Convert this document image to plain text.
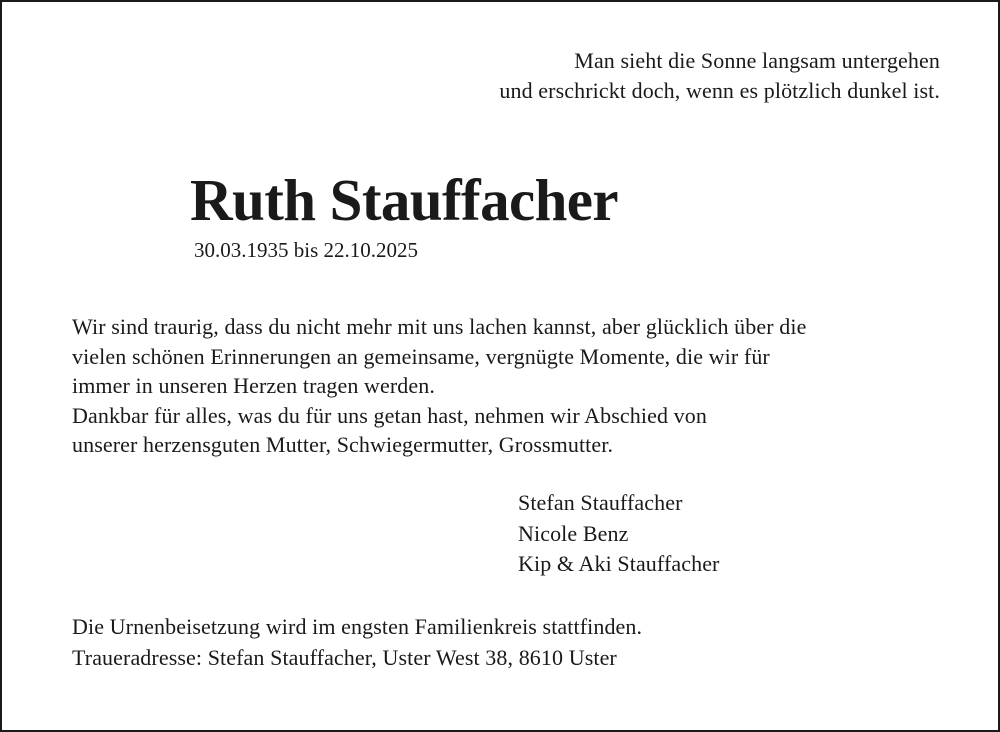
Man sieht die Sonne langsam untergehen
und erschrickt doch, wenn es plötzlich dunkel ist.
Ruth Stauffacher
30.03.1935 bis 22.10.2025
Wir sind traurig, dass du nicht mehr mit uns lachen kannst, aber glücklich über die
vielen schönen Erinnerungen an gemeinsame, vergnügte Momente, die wir für
immer in unseren Herzen tragen werden.
Dankbar für alles, was du für uns getan hast, nehmen wir Abschied von
unserer herzensguten Mutter, Schwiegermutter, Grossmutter.
Stefan Stauffacher
Nicole Benz
Kip & Aki Stauffacher
Die Urnenbeisetzung wird im engsten Familienkreis stattfinden.
Traueradresse: Stefan Stauffacher, Uster West 38, 8610 Uster
